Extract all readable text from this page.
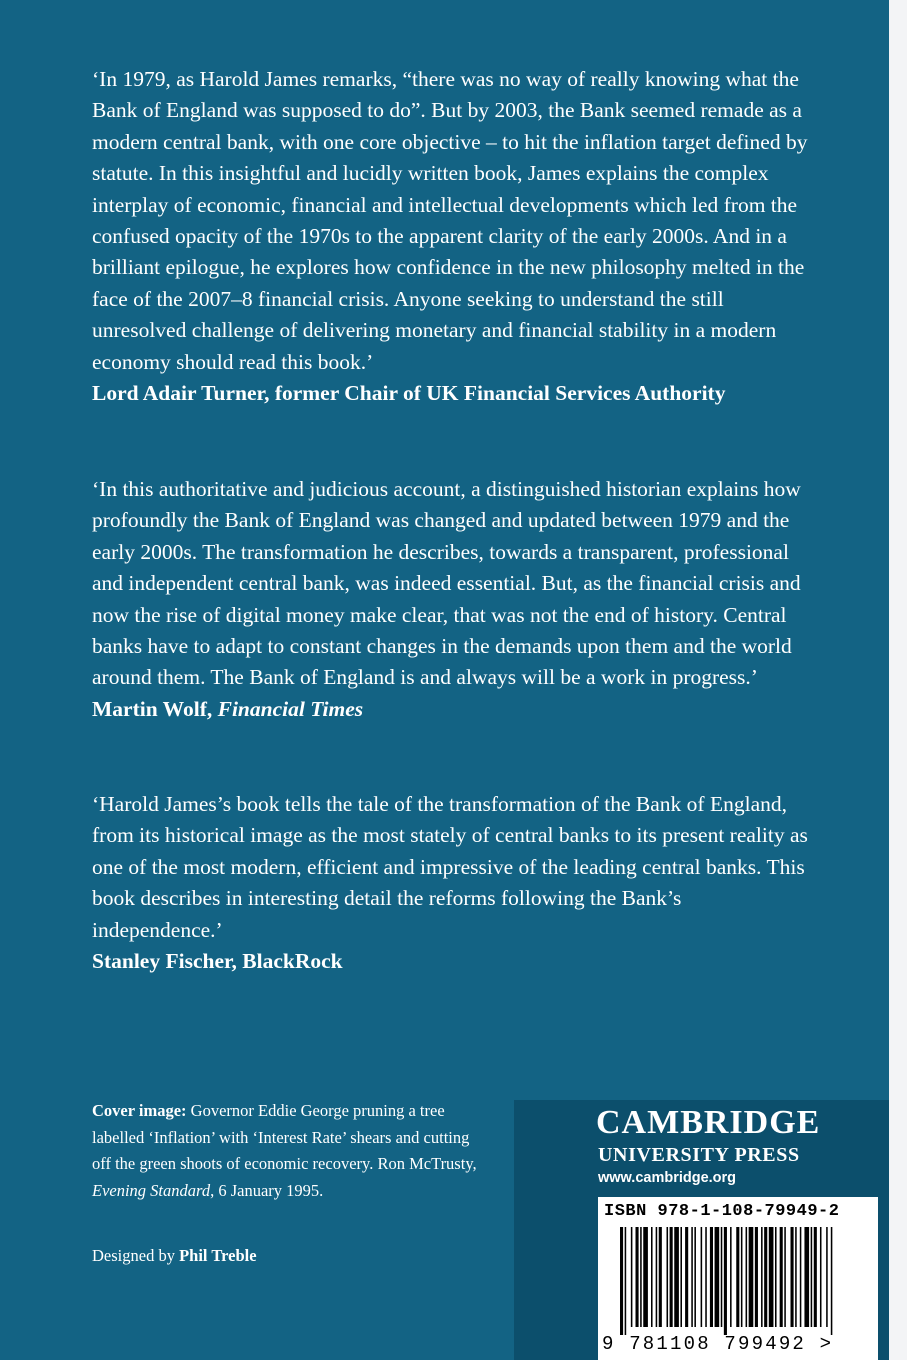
‘In 1979, as Harold James remarks, “there was no way of really knowing what the Bank of England was supposed to do”. But by 2003, the Bank seemed remade as a modern central bank, with one core objective – to hit the inflation target defined by statute. In this insightful and lucidly written book, James explains the complex interplay of economic, financial and intellectual developments which led from the confused opacity of the 1970s to the apparent clarity of the early 2000s. And in a brilliant epilogue, he explores how confidence in the new philosophy melted in the face of the 2007–8 financial crisis. Anyone seeking to understand the still unresolved challenge of delivering monetary and financial stability in a modern economy should read this book.’
Lord Adair Turner, former Chair of UK Financial Services Authority

‘In this authoritative and judicious account, a distinguished historian explains how profoundly the Bank of England was changed and updated between 1979 and the early 2000s. The transformation he describes, towards a transparent, professional and independent central bank, was indeed essential. But, as the financial crisis and now the rise of digital money make clear, that was not the end of history. Central banks have to adapt to constant changes in the demands upon them and the world around them. The Bank of England is and always will be a work in progress.’
Martin Wolf, Financial Times

‘Harold James’s book tells the tale of the transformation of the Bank of England, from its historical image as the most stately of central banks to its present reality as one of the most modern, efficient and impressive of the leading central banks. This book describes in interesting detail the reforms following the Bank’s independence.’
Stanley Fischer, BlackRock

Cover image: Governor Eddie George pruning a tree labelled ‘Inflation’ with ‘Interest Rate’ shears and cutting off the green shoots of economic recovery. Ron McTrusty, Evening Standard, 6 January 1995.
Designed by Phil Treble
CAMBRIDGE
UNIVERSITY PRESS
www.cambridge.org
ISBN 978-1-108-79949-2
9 781108 799492 >
